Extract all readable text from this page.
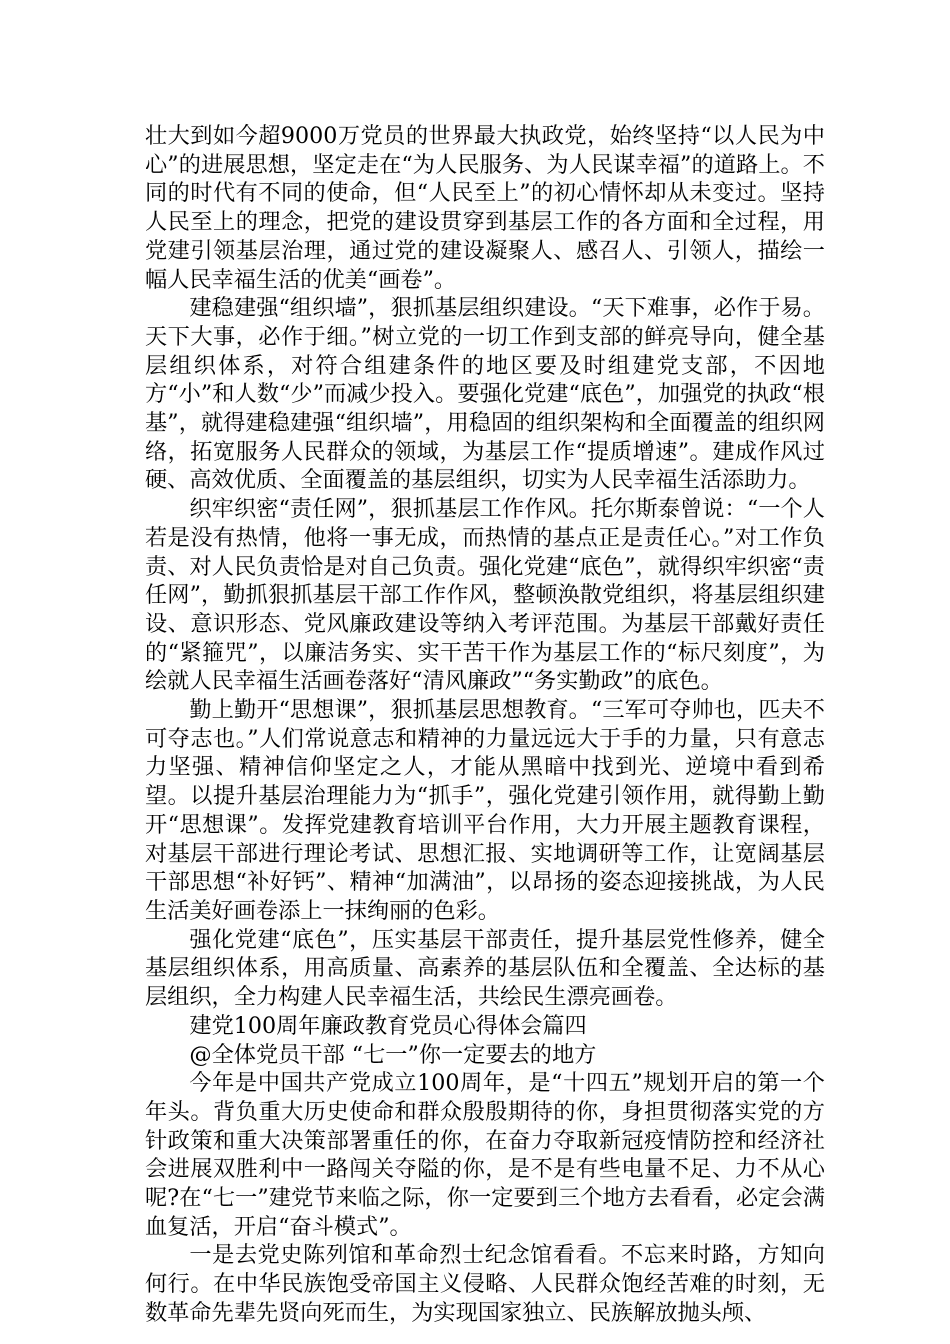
壮大到如今超9000万党员的世界最大执政党，始终坚持“以人民为中心”的进展思想，坚定走在“为人民服务、为人民谋幸福”的道路上。不同的时代有不同的使命，但“人民至上”的初心情怀却从未变过。坚持人民至上的理念，把党的建设贯穿到基层工作的各方面和全过程，用党建引领基层治理，通过党的建设凝聚人、感召人、引领人，描绘一幅人民幸福生活的优美“画卷”。

建稳建强“组织墙”，狠抓基层组织建设。“天下难事，必作于易。天下大事，必作于细。”树立党的一切工作到支部的鲜亮导向，健全基层组织体系，对符合组建条件的地区要及时组建党支部，不因地方“小”和人数“少”而减少投入。要强化党建“底色”，加强党的执政“根基”，就得建稳建强“组织墙”，用稳固的组织架构和全面覆盖的组织网络，拓宽服务人民群众的领域，为基层工作“提质增速”。建成作风过硬、高效优质、全面覆盖的基层组织，切实为人民幸福生活添助力。

织牢织密“责任网”，狠抓基层工作作风。托尔斯泰曾说：“一个人若是没有热情，他将一事无成，而热情的基点正是责任心。”对工作负责、对人民负责恰是对自己负责。强化党建“底色”，就得织牢织密“责任网”，勤抓狠抓基层干部工作作风，整顿涣散党组织，将基层组织建设、意识形态、党风廉政建设等纳入考评范围。为基层干部戴好责任的“紧箍咒”，以廉洁务实、实干苦干作为基层工作的“标尺刻度”，为绘就人民幸福生活画卷落好“清风廉政”“务实勤政”的底色。

勤上勤开“思想课”，狠抓基层思想教育。“三军可夺帅也，匹夫不可夺志也。”人们常说意志和精神的力量远远大于手的力量，只有意志力坚强、精神信仰坚定之人，才能从黑暗中找到光、逆境中看到希望。以提升基层治理能力为“抓手”，强化党建引领作用，就得勤上勤开“思想课”。发挥党建教育培训平台作用，大力开展主题教育课程，对基层干部进行理论考试、思想汇报、实地调研等工作，让宽阔基层干部思想“补好钙”、精神“加满油”，以昂扬的姿态迎接挑战，为人民生活美好画卷添上一抹绚丽的色彩。

强化党建“底色”，压实基层干部责任，提升基层党性修养，健全基层组织体系，用高质量、高素养的基层队伍和全覆盖、全达标的基层组织，全力构建人民幸福生活，共绘民生漂亮画卷。

建党100周年廉政教育党员心得体会篇四

@全体党员干部 “七一”你一定要去的地方

今年是中国共产党成立100周年，是“十四五”规划开启的第一个年头。背负重大历史使命和群众殷殷期待的你，身担贯彻落实党的方针政策和重大决策部署重任的你，在奋力夺取新冠疫情防控和经济社会进展双胜利中一路闯关夺隘的你，是不是有些电量不足、力不从心呢?在“七一”建党节来临之际，你一定要到三个地方去看看，必定会满血复活，开启“奋斗模式”。

一是去党史陈列馆和革命烈士纪念馆看看。不忘来时路，方知向何行。在中华民族饱受帝国主义侵略、人民群众饱经苦难的时刻，无数革命先辈先贤向死而生，为实现国家独立、民族解放抛头颅、
